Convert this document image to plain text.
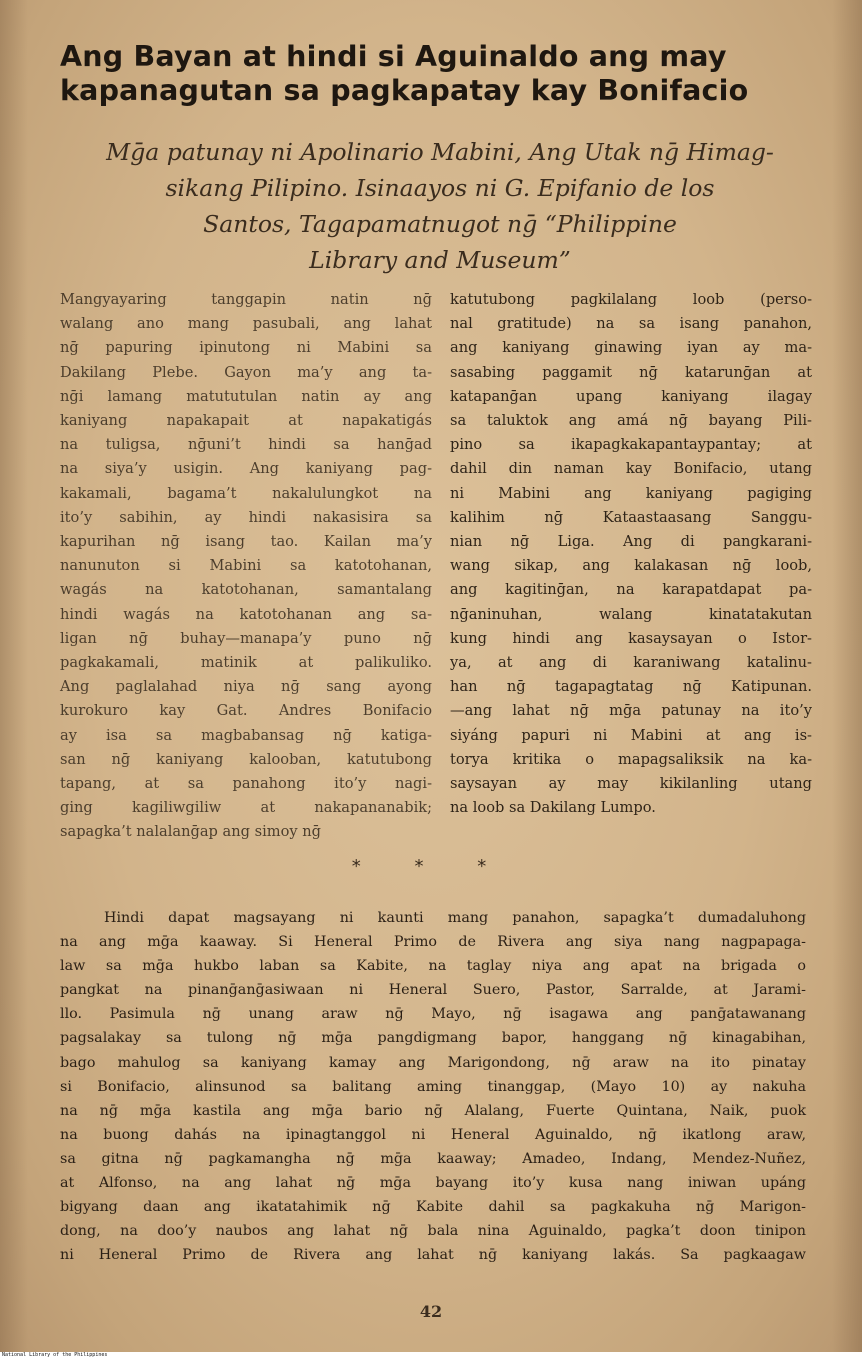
Ang Bayan at hindi si Aguinaldo ang may
kapanagutan sa pagkapatay kay Bonifacio
Mḡa patunay ni Apolinario Mabini, Ang Utak nḡ Himag-
sikang Pilipino. Isinaayos ni G. Epifanio de los
Santos, Tagapamatnugot nḡ “Philippine
Library and Museum”
Mangyayaring tanggapin natin nḡ
walang ano mang pasubali, ang lahat
nḡ papuring ipinutong ni Mabini sa
Dakilang Plebe. Gayon ma’y ang ta-
nḡi lamang matututulan natin ay ang
kaniyang napakapait at napakatigás
na tuligsa, nḡuni’t hindi sa hanḡad
na siya’y usigin. Ang kaniyang pag-
kakamali, bagama’t nakalulungkot na
ito’y sabihin, ay hindi nakasisira sa
kapurihan nḡ isang tao. Kailan ma’y
nanunuton si Mabini sa katotohanan,
wagás na katotohanan, samantalang
hindi wagás na katotohanan ang sa-
ligan nḡ buhay—manapa’y puno nḡ
pagkakamali, matinik at palikuliko.
Ang paglalahad niya nḡ sang ayong
kurokuro kay Gat. Andres Bonifacio
ay isa sa magbabansag nḡ katiga-
san nḡ kaniyang kalooban, katutubong
tapang, at sa panahong ito’y nagi-
ging kagiliwgiliw at nakapananabik;
sapagka’t nalalanḡap ang simoy nḡ
katutubong pagkilalang loob (perso-
nal gratitude) na sa isang panahon,
ang kaniyang ginawing iyan ay ma-
sasabing paggamit nḡ katarunḡan at
katapanḡan upang kaniyang ilagay
sa taluktok ang amá nḡ bayang Pili-
pino sa ikapagkakapantaypantay; at
dahil din naman kay Bonifacio, utang
ni Mabini ang kaniyang pagiging
kalihim nḡ Kataastaasang Sanggu-
nian nḡ Liga. Ang di pangkarani-
wang sikap, ang kalakasan nḡ loob,
ang kagitinḡan, na karapatdapat pa-
nḡaninuhan, walang kinatatakutan
kung hindi ang kasaysayan o Istor-
ya, at ang di karaniwang katalinu-
han nḡ tagapagtatag nḡ Katipunan.
—ang lahat nḡ mḡa patunay na ito’y
siyáng papuri ni Mabini at ang is-
torya kritika o mapagsaliksik na ka-
saysayan ay may kikilanling utang
na loob sa Dakilang Lumpo.
* * *
Hindi dapat magsayang ni kaunti mang panahon, sapagka’t dumadaluhong
na ang mḡa kaaway. Si Heneral Primo de Rivera ang siya nang nagpapaga-
law sa mḡa hukbo laban sa Kabite, na taglay niya ang apat na brigada o
pangkat na pinanḡanḡasiwaan ni Heneral Suero, Pastor, Sarralde, at Jarami-
llo. Pasimula nḡ unang araw nḡ Mayo, nḡ isagawa ang panḡatawanang
pagsalakay sa tulong nḡ mḡa pangdigmang bapor, hanggang nḡ kinagabihan,
bago mahulog sa kaniyang kamay ang Marigondong, nḡ araw na ito pinatay
si Bonifacio, alinsunod sa balitang aming tinanggap, (Mayo 10) ay nakuha
na nḡ mḡa kastila ang mḡa bario nḡ Alalang, Fuerte Quintana, Naik, puok
na buong dahás na ipinagtanggol ni Heneral Aguinaldo, nḡ ikatlong araw,
sa gitna nḡ pagkamangha nḡ mḡa kaaway; Amadeo, Indang, Mendez-Nuñez,
at Alfonso, na ang lahat nḡ mḡa bayang ito’y kusa nang iniwan upáng
bigyang daan ang ikatatahimik nḡ Kabite dahil sa pagkakuha nḡ Marigon-
dong, na doo’y naubos ang lahat nḡ bala nina Aguinaldo, pagka’t doon tinipon
ni Heneral Primo de Rivera ang lahat nḡ kaniyang lakás. Sa pagkaagaw
42
National Library of the Philippines
